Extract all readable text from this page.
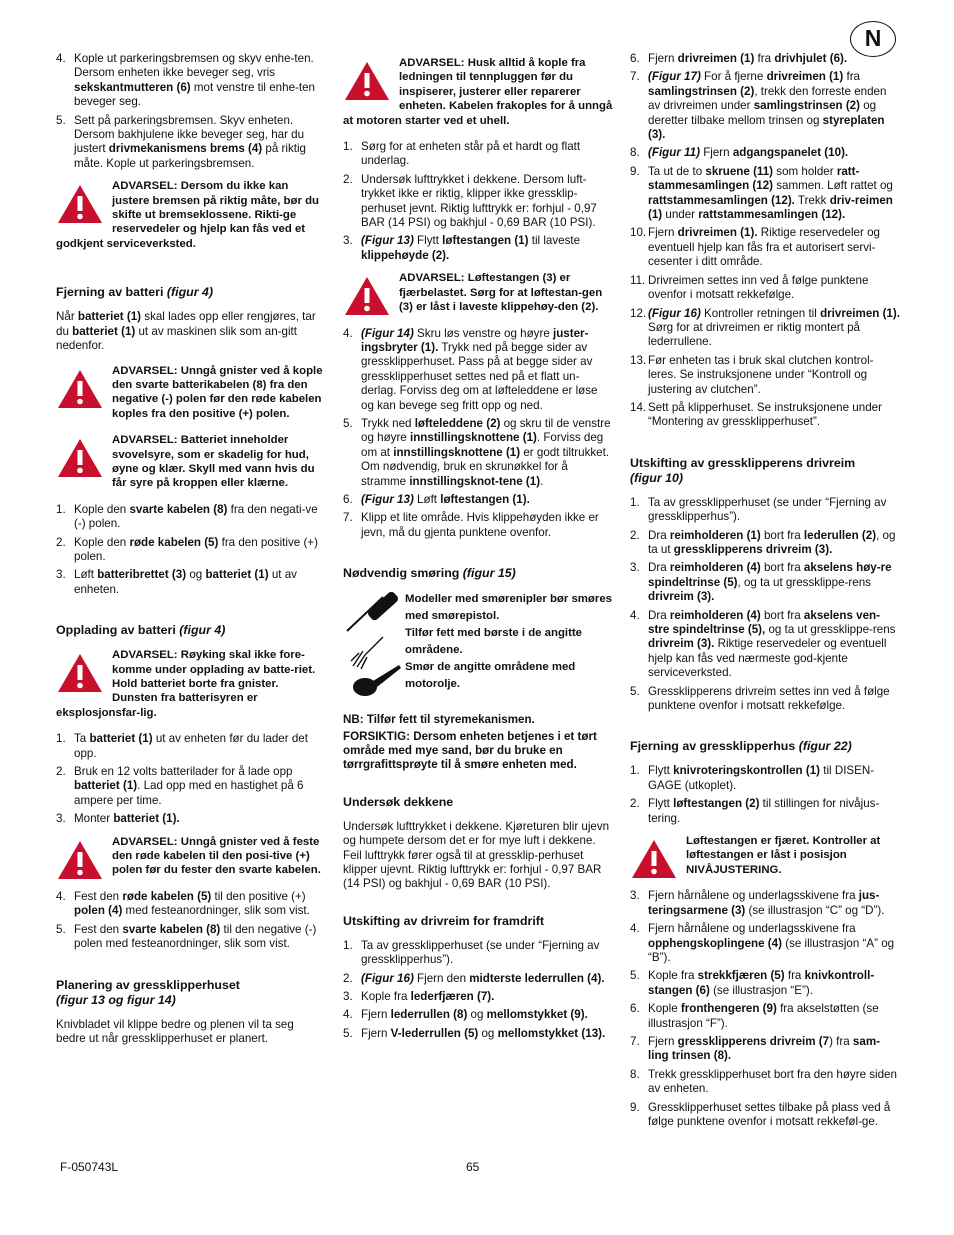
N
4. Kople ut parkeringsbremsen og skyv enhe-ten. Dersom enheten ikke beveger seg, vris sekskantmutteren (6) mot venstre til enhe-ten beveger seg.
5. Sett på parkeringsbremsen. Skyv enheten. Dersom bakhjulene ikke beveger seg, har du justert drivmekanismens brems (4) på riktig måte. Kople ut parkeringsbremsen.
ADVARSEL: Dersom du ikke kan justere bremsen på riktig måte, bør du skifte ut bremseklossene. Rikti-ge reservedeler og hjelp kan fås ved et godkjent serviceverksted.
Fjerning av batteri (figur 4)
Når batteriet (1) skal lades opp eller rengjøres, tar du batteriet (1) ut av maskinen slik som an-gitt nedenfor.
ADVARSEL: Unngå gnister ved å kople den svarte batterikabelen (8) fra den negative (-) polen før den røde kabelen koples fra den positive (+) polen.
ADVARSEL: Batteriet inneholder svovelsyre, som er skadelig for hud, øyne og klær. Skyll med vann hvis du får syre på kroppen eller klærne.
1. Kople den svarte kabelen (8) fra den negati-ve (-) polen.
2. Kople den røde kabelen (5) fra den positive (+) polen.
3. Løft batteribrettet (3) og batteriet (1) ut av enheten.
Opplading av batteri (figur 4)
ADVARSEL: Røyking skal ikke fore-komme under opplading av batte-riet. Hold batteriet borte fra gnister. Dunsten fra batterisyren er eksplosjonsfar-lig.
1. Ta batteriet (1) ut av enheten før du lader det opp.
2. Bruk en 12 volts batterilader for å lade opp batteriet (1). Lad opp med en hastighet på 6 ampere per time.
3. Monter batteriet (1).
ADVARSEL: Unngå gnister ved å feste den røde kabelen til den posi-tive (+) polen før du fester den svarte kabelen.
4. Fest den røde kabelen (5) til den positive (+) polen (4) med festeanordninger, slik som vist.
5. Fest den svarte kabelen (8) til den negative (-) polen med festeanordninger, slik som vist.
Planering av gressklipperhuset
(figur 13 og figur 14)
Knivbladet vil klippe bedre og plenen vil ta seg bedre ut når gressklipperhuset er planert.
ADVARSEL: Husk alltid å kople fra ledningen til tennpluggen før du inspiserer, justerer eller reparerer enheten. Kabelen frakoples for å unngå at motoren starter ved et uhell.
1. Sørg for at enheten står på et hardt og flatt underlag.
2. Undersøk lufttrykket i dekkene. Dersom luft-trykket ikke er riktig, klipper ikke gressklip-perhuset jevnt. Riktig lufttrykk er: forhjul - 0,97 BAR (14 PSI) og bakhjul - 0,69 BAR (10 PSI).
3. (Figur 13) Flytt løftestangen (1) til laveste klippehøyde (2).
ADVARSEL: Løftestangen (3) er fjærbelastet. Sørg for at løftestan-gen (3) er låst i laveste klippehøy-den (2).
4. (Figur 14) Skru løs venstre og høyre juster-ingsbryter (1). Trykk ned på begge sider av gressklipperhuset. Pass på at begge sider av gressklipperhuset settes ned på et flatt un-derlag. Forviss deg om at løfteleddene er løse og kan bevege seg fritt opp og ned.
5. Trykk ned løfteleddene (2) og skru til de venstre og høyre innstillingsknottene (1). Forviss deg om at innstillingsknottene (1) er godt tiltrukket. Om nødvendig, bruk en skrunøkkel for å stramme innstillingsknot-tene (1).
6. (Figur 13) Løft løftestangen (1).
7. Klipp et lite område. Hvis klippehøyden ikke er jevn, må du gjenta punktene ovenfor.
Nødvendig smøring (figur 15)
Modeller med smørenipler bør smøres med smørepistol.
Tilfør fett med børste i de angitte områdene.
Smør de angitte områdene med motorolje.
NB: Tilfør fett til styremekanismen.
FORSIKTIG: Dersom enheten betjenes i et tørt område med mye sand, bør du bruke en tørrgrafittsprøyte til å smøre enheten med.
Undersøk dekkene
Undersøk lufttrykket i dekkene. Kjøreturen blir ujevn og humpete dersom det er for mye luft i dekkene. Feil lufttrykk fører også til at gressklip-perhuset klipper ujevnt. Riktig lufttrykk er: forhjul - 0,97 BAR (14 PSI) og bakhjul - 0,69 BAR (10 PSI).
Utskifting av drivreim for framdrift
1. Ta av gressklipperhuset (se under “Fjerning av gressklipperhus”).
2. (Figur 16) Fjern den midterste lederrullen (4).
3. Kople fra lederfjæren (7).
4. Fjern lederrullen (8) og mellomstykket (9).
5. Fjern V-lederrullen (5) og mellomstykket (13).
6. Fjern drivreimen (1) fra drivhjulet (6).
7. (Figur 17) For å fjerne drivreimen (1) fra samlingstrinsen (2), trekk den forreste enden av drivreimen under samlingstrinsen (2) og deretter tilbake mellom trinsen og styreplaten (3).
8. (Figur 11) Fjern adgangspanelet (10).
9. Ta ut de to skruene (11) som holder ratt-stammesamlingen (12) sammen. Løft rattet og rattstammesamlingen (12). Trekk driv-reimen (1) under rattstammesamlingen (12).
10. Fjern drivreimen (1). Riktige reservedeler og eventuell hjelp kan fås fra et autorisert servi-cesenter i ditt område.
11. Drivreimen settes inn ved å følge punktene ovenfor i motsatt rekkefølge.
12. (Figur 16) Kontroller retningen til drivreimen (1). Sørg for at drivreimen er riktig montert på lederrullene.
13. Før enheten tas i bruk skal clutchen kontrol-leres. Se instruksjonene under “Kontroll og justering av clutchen”.
14. Sett på klipperhuset. Se instruksjonene under “Montering av gressklipperhuset”.
Utskifting av gressklipperens drivreim
(figur 10)
1. Ta av gressklipperhuset (se under “Fjerning av gressklipperhus”).
2. Dra reimholderen (1) bort fra lederullen (2), og ta ut gressklipperens drivreim (3).
3. Dra reimholderen (4) bort fra akselens høy-re spindeltrinse (5), og ta ut gressklippe-rens drivreim (3).
4. Dra reimholderen (4) bort fra akselens ven-stre spindeltrinse (5), og ta ut gressklippe-rens drivreim (3). Riktige reservedeler og eventuell hjelp kan fås ved nærmeste god-kjente serviceverksted.
5. Gressklipperens drivreim settes inn ved å følge punktene ovenfor i motsatt rekkefølge.
Fjerning av gressklipperhus (figur 22)
1. Flytt knivroteringskontrollen (1) til DISEN-GAGE (utkoplet).
2. Flytt løftestangen (2) til stillingen for nivåjus-tering.
Løftestangen er fjæret. Kontroller at løftestangen er låst i posisjon NIVÅJUSTERING.
3. Fjern hårnålene og underlagsskivene fra jus-teringsarmene (3) (se illustrasjon “C” og “D”).
4. Fjern hårnålene og underlagsskivene fra opphengskoplingene (4) (se illustrasjon “A” og “B”).
5. Kople fra strekkfjæren (5) fra knivkontroll-stangen (6) (se illustrasjon “E”).
6. Kople fronthengeren (9) fra akselstøtten (se illustrasjon “F”).
7. Fjern gressklipperens drivreim (7) fra sam-ling trinsen (8).
8. Trekk gressklipperhuset bort fra den høyre siden av enheten.
9. Gressklipperhuset settes tilbake på plass ved å følge punktene ovenfor i motsatt rekkeføl-ge.
F-050743L	65
